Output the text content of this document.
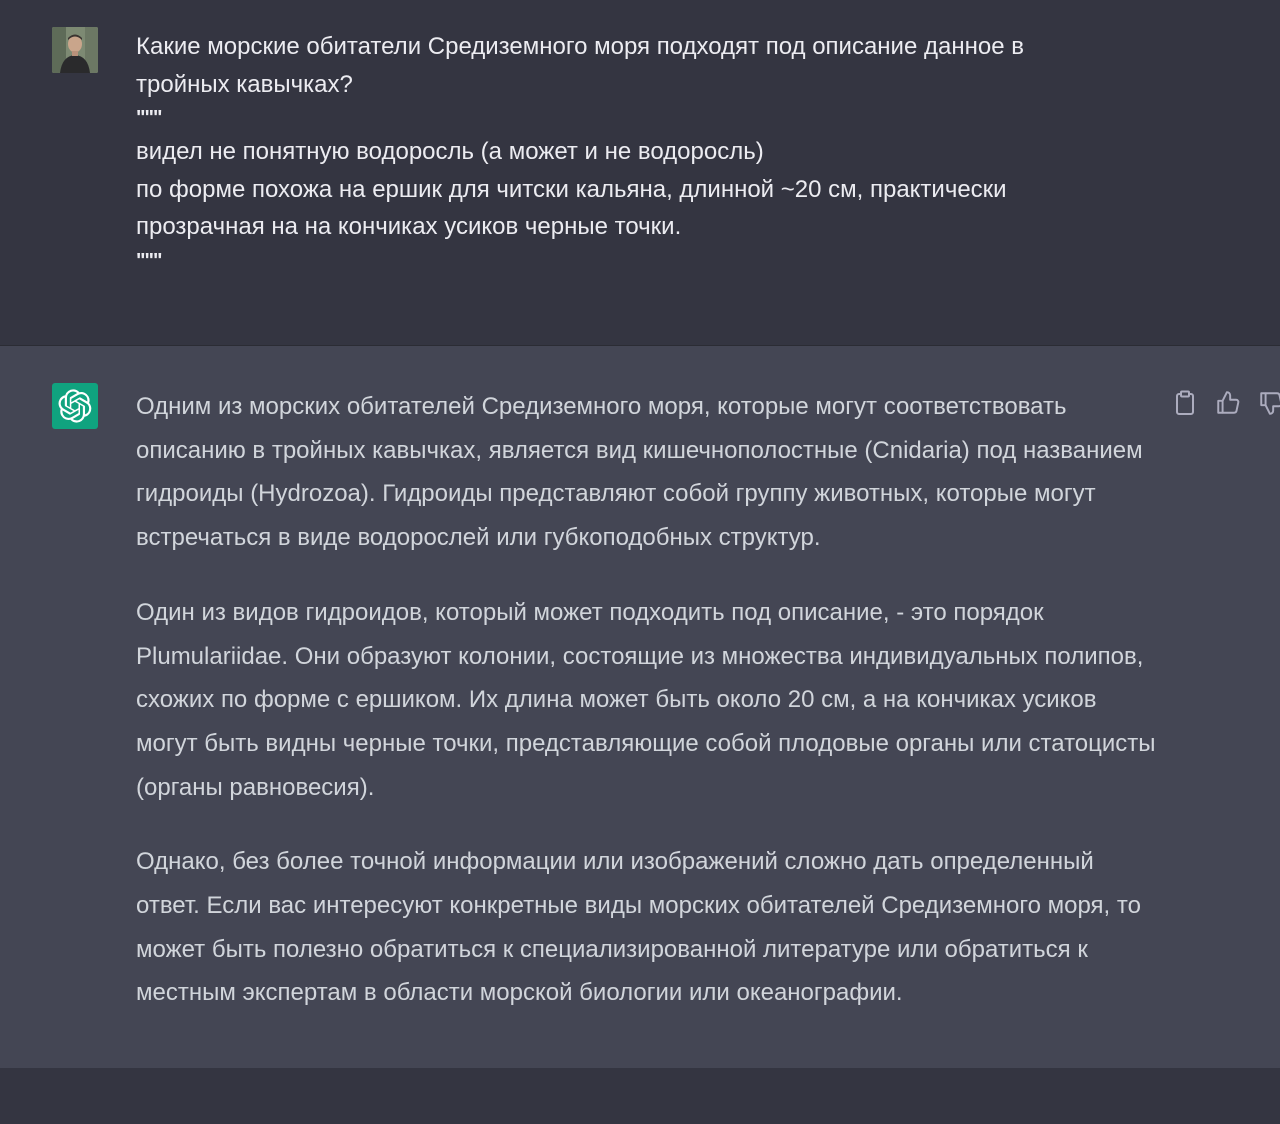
Какие морские обитатели Средиземного моря подходят под описание данное в
тройных кавычках?
"""
видел не понятную водоросль (а может и не водоросль)
по форме похожа на ершик для читски кальяна, длинной ~20 см, практически
прозрачная на на кончиках усиков черные точки.
"""

Одним из морских обитателей Средиземного моря, которые могут соответствовать описанию в тройных кавычках, является вид кишечнополостные (Cnidaria) под названием гидроиды (Hydrozoa). Гидроиды представляют собой группу животных, которые могут встречаться в виде водорослей или губкоподобных структур.

Один из видов гидроидов, который может подходить под описание, - это порядок Plumulariidae. Они образуют колонии, состоящие из множества индивидуальных полипов, схожих по форме с ершиком. Их длина может быть около 20 см, а на кончиках усиков могут быть видны черные точки, представляющие собой плодовые органы или статоцисты (органы равновесия).

Однако, без более точной информации или изображений сложно дать определенный ответ. Если вас интересуют конкретные виды морских обитателей Средиземного моря, то может быть полезно обратиться к специализированной литературе или обратиться к местным экспертам в области морской биологии или океанографии.
